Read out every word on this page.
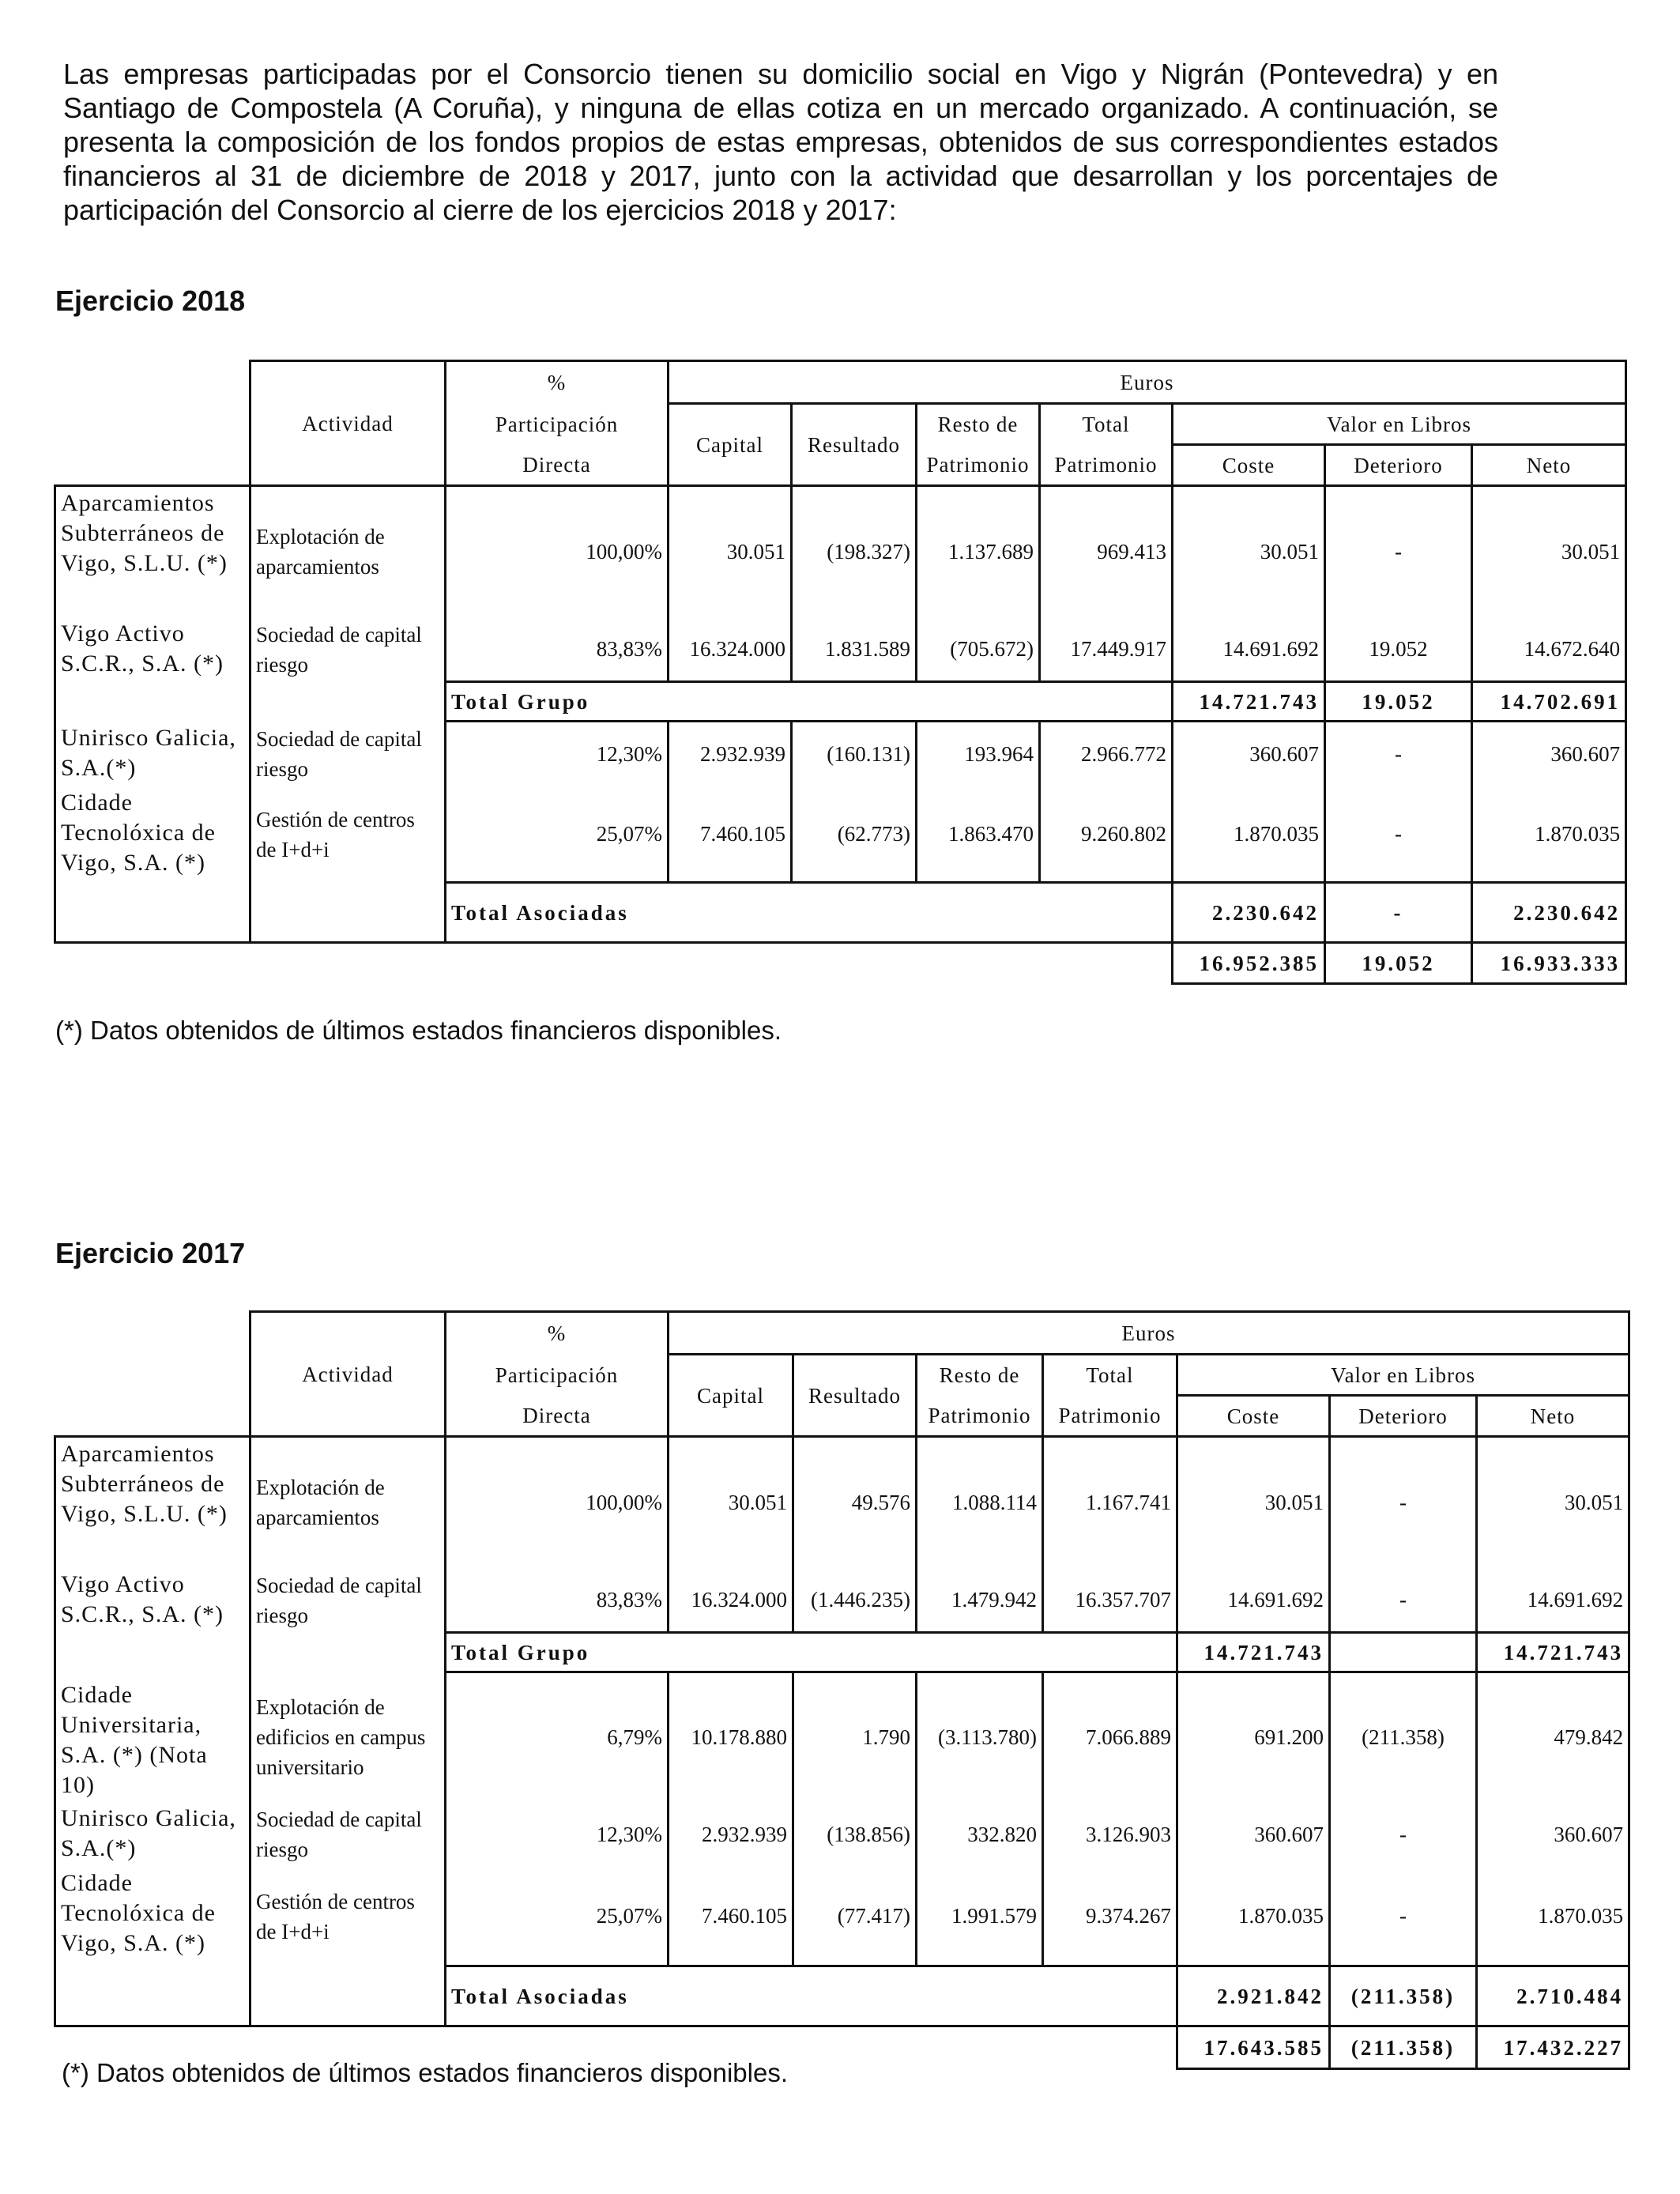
Las empresas participadas por el Consorcio tienen su domicilio social en Vigo y Nigrán (Pontevedra) y en Santiago de Compostela (A Coruña), y ninguna de ellas cotiza en un mercado organizado. A continuación, se presenta la composición de los fondos propios de estas empresas, obtenidos de sus correspondientes estados financieros al 31 de diciembre de 2018 y 2017, junto con la actividad que desarrollan y los porcentajes de participación del Consorcio al cierre de los ejercicios 2018 y 2017:
Ejercicio 2018
	Actividad	%	Euros						
		Participación	Capital	Resultado	Resto de	Total	Valor en Libros		
		Directa			Patrimonio	Patrimonio	Coste	Deterioro	Neto
Aparcamientos Subterráneos de Vigo, S.L.U. (*)	Explotación de aparcamientos	100,00%	30.051	(198.327)	1.137.689	969.413	30.051	-	30.051
Vigo Activo S.C.R., S.A. (*)	Sociedad de capital riesgo	83,83%	16.324.000	1.831.589	(705.672)	17.449.917	14.691.692	19.052	14.672.640
		Total Grupo					14.721.743	19.052	14.702.691
Unirisco Galicia, S.A.(*)	Sociedad de capital riesgo	12,30%	2.932.939	(160.131)	193.964	2.966.772	360.607	-	360.607
Cidade Tecnolóxica de Vigo, S.A. (*)	Gestión de centros de I+d+i	25,07%	7.460.105	(62.773)	1.863.470	9.260.802	1.870.035	-	1.870.035
		Total Asociadas					2.230.642	-	2.230.642
							16.952.385	19.052	16.933.333
(*) Datos obtenidos de últimos estados financieros disponibles.
Ejercicio 2017
	Actividad	%	Euros						
		Participación	Capital	Resultado	Resto de	Total	Valor en Libros		
		Directa			Patrimonio	Patrimonio	Coste	Deterioro	Neto
Aparcamientos Subterráneos de Vigo, S.L.U. (*)	Explotación de aparcamientos	100,00%	30.051	49.576	1.088.114	1.167.741	30.051	-	30.051
Vigo Activo S.C.R., S.A. (*)	Sociedad de capital riesgo	83,83%	16.324.000	(1.446.235)	1.479.942	16.357.707	14.691.692	-	14.691.692
		Total Grupo					14.721.743		14.721.743
Cidade Universitaria, S.A. (*) (Nota 10)	Explotación de edificios en campus universitario	6,79%	10.178.880	1.790	(3.113.780)	7.066.889	691.200	(211.358)	479.842
Unirisco Galicia, S.A.(*)	Sociedad de capital riesgo	12,30%	2.932.939	(138.856)	332.820	3.126.903	360.607	-	360.607
Cidade Tecnolóxica de Vigo, S.A. (*)	Gestión de centros de I+d+i	25,07%	7.460.105	(77.417)	1.991.579	9.374.267	1.870.035	-	1.870.035
		Total Asociadas					2.921.842	(211.358)	2.710.484
							17.643.585	(211.358)	17.432.227
(*) Datos obtenidos de últimos estados financieros disponibles.
